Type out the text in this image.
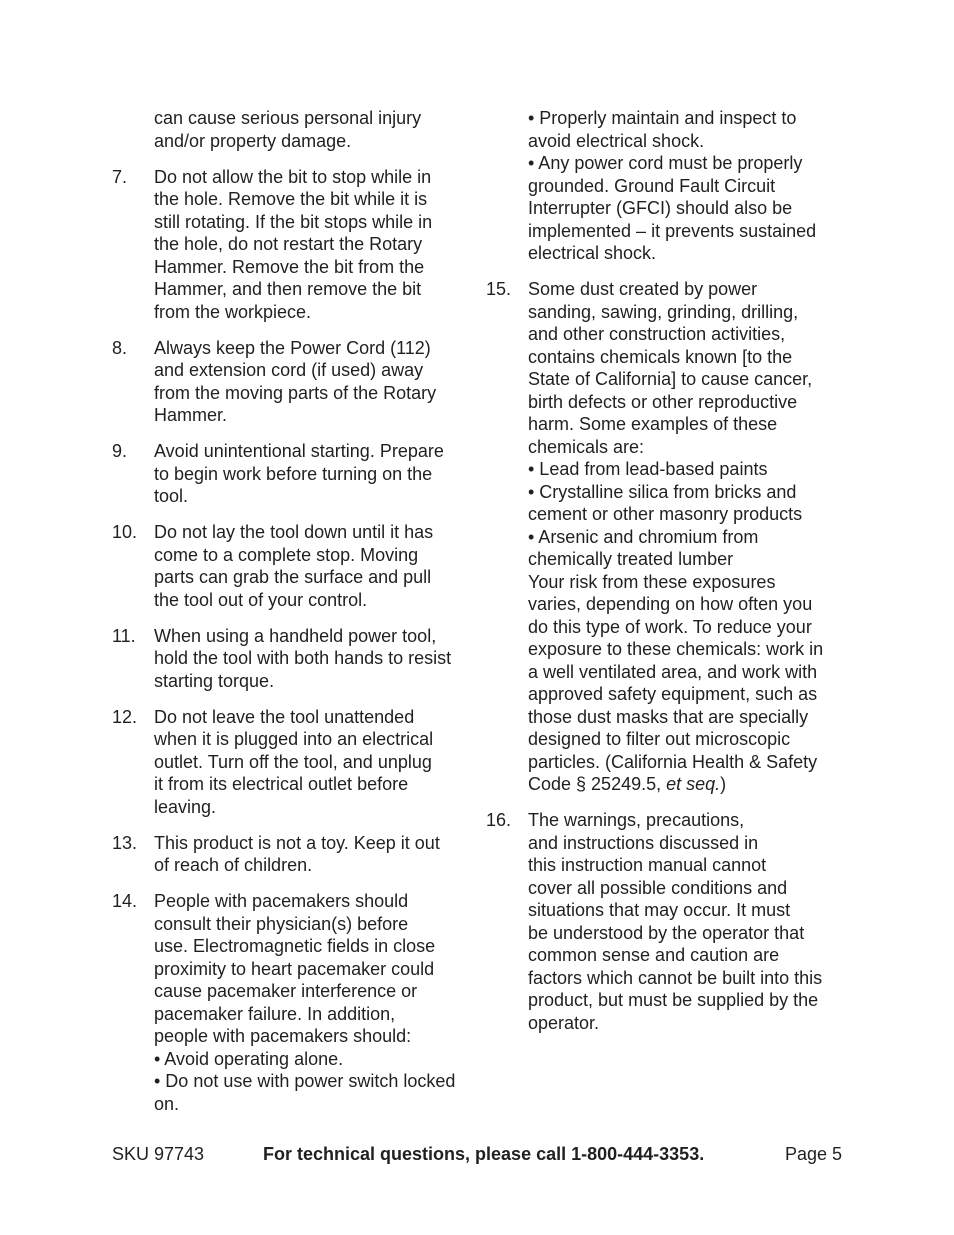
can cause serious personal injury
and/or property damage.
7. Do not allow the bit to stop while in
the hole. Remove the bit while it is
still rotating. If the bit stops while in
the hole, do not restart the Rotary
Hammer. Remove the bit from the
Hammer, and then remove the bit
from the workpiece.
8. Always keep the Power Cord (112)
and extension cord (if used) away
from the moving parts of the Rotary
Hammer.
9. Avoid unintentional starting. Prepare
to begin work before turning on the
tool.
10. Do not lay the tool down until it has
come to a complete stop. Moving
parts can grab the surface and pull
the tool out of your control.
11. When using a handheld power tool,
hold the tool with both hands to resist
starting torque.
12. Do not leave the tool unattended
when it is plugged into an electrical
outlet. Turn off the tool, and unplug
it from its electrical outlet before
leaving.
13. This product is not a toy. Keep it out
of reach of children.
14. People with pacemakers should
consult their physician(s) before
use. Electromagnetic fields in close
proximity to heart pacemaker could
cause pacemaker interference or
pacemaker failure. In addition,
people with pacemakers should:
• Avoid operating alone.
• Do not use with power switch locked
on.
• Properly maintain and inspect to
avoid electrical shock.
• Any power cord must be properly
grounded. Ground Fault Circuit
Interrupter (GFCI) should also be
implemented – it prevents sustained
electrical shock.
15. Some dust created by power
sanding, sawing, grinding, drilling,
and other construction activities,
contains chemicals known [to the
State of California] to cause cancer,
birth defects or other reproductive
harm. Some examples of these
chemicals are:
• Lead from lead-based paints
• Crystalline silica from bricks and
cement or other masonry products
• Arsenic and chromium from
chemically treated lumber
Your risk from these exposures
varies, depending on how often you
do this type of work. To reduce your
exposure to these chemicals: work in
a well ventilated area, and work with
approved safety equipment, such as
those dust masks that are specially
designed to filter out microscopic
particles. (California Health & Safety
Code § 25249.5, et seq.)
16. The warnings, precautions,
and instructions discussed in
this instruction manual cannot
cover all possible conditions and
situations that may occur. It must
be understood by the operator that
common sense and caution are
factors which cannot be built into this
product, but must be supplied by the
operator.
SKU 97743	For technical questions, please call 1-800-444-3353.	Page 5
